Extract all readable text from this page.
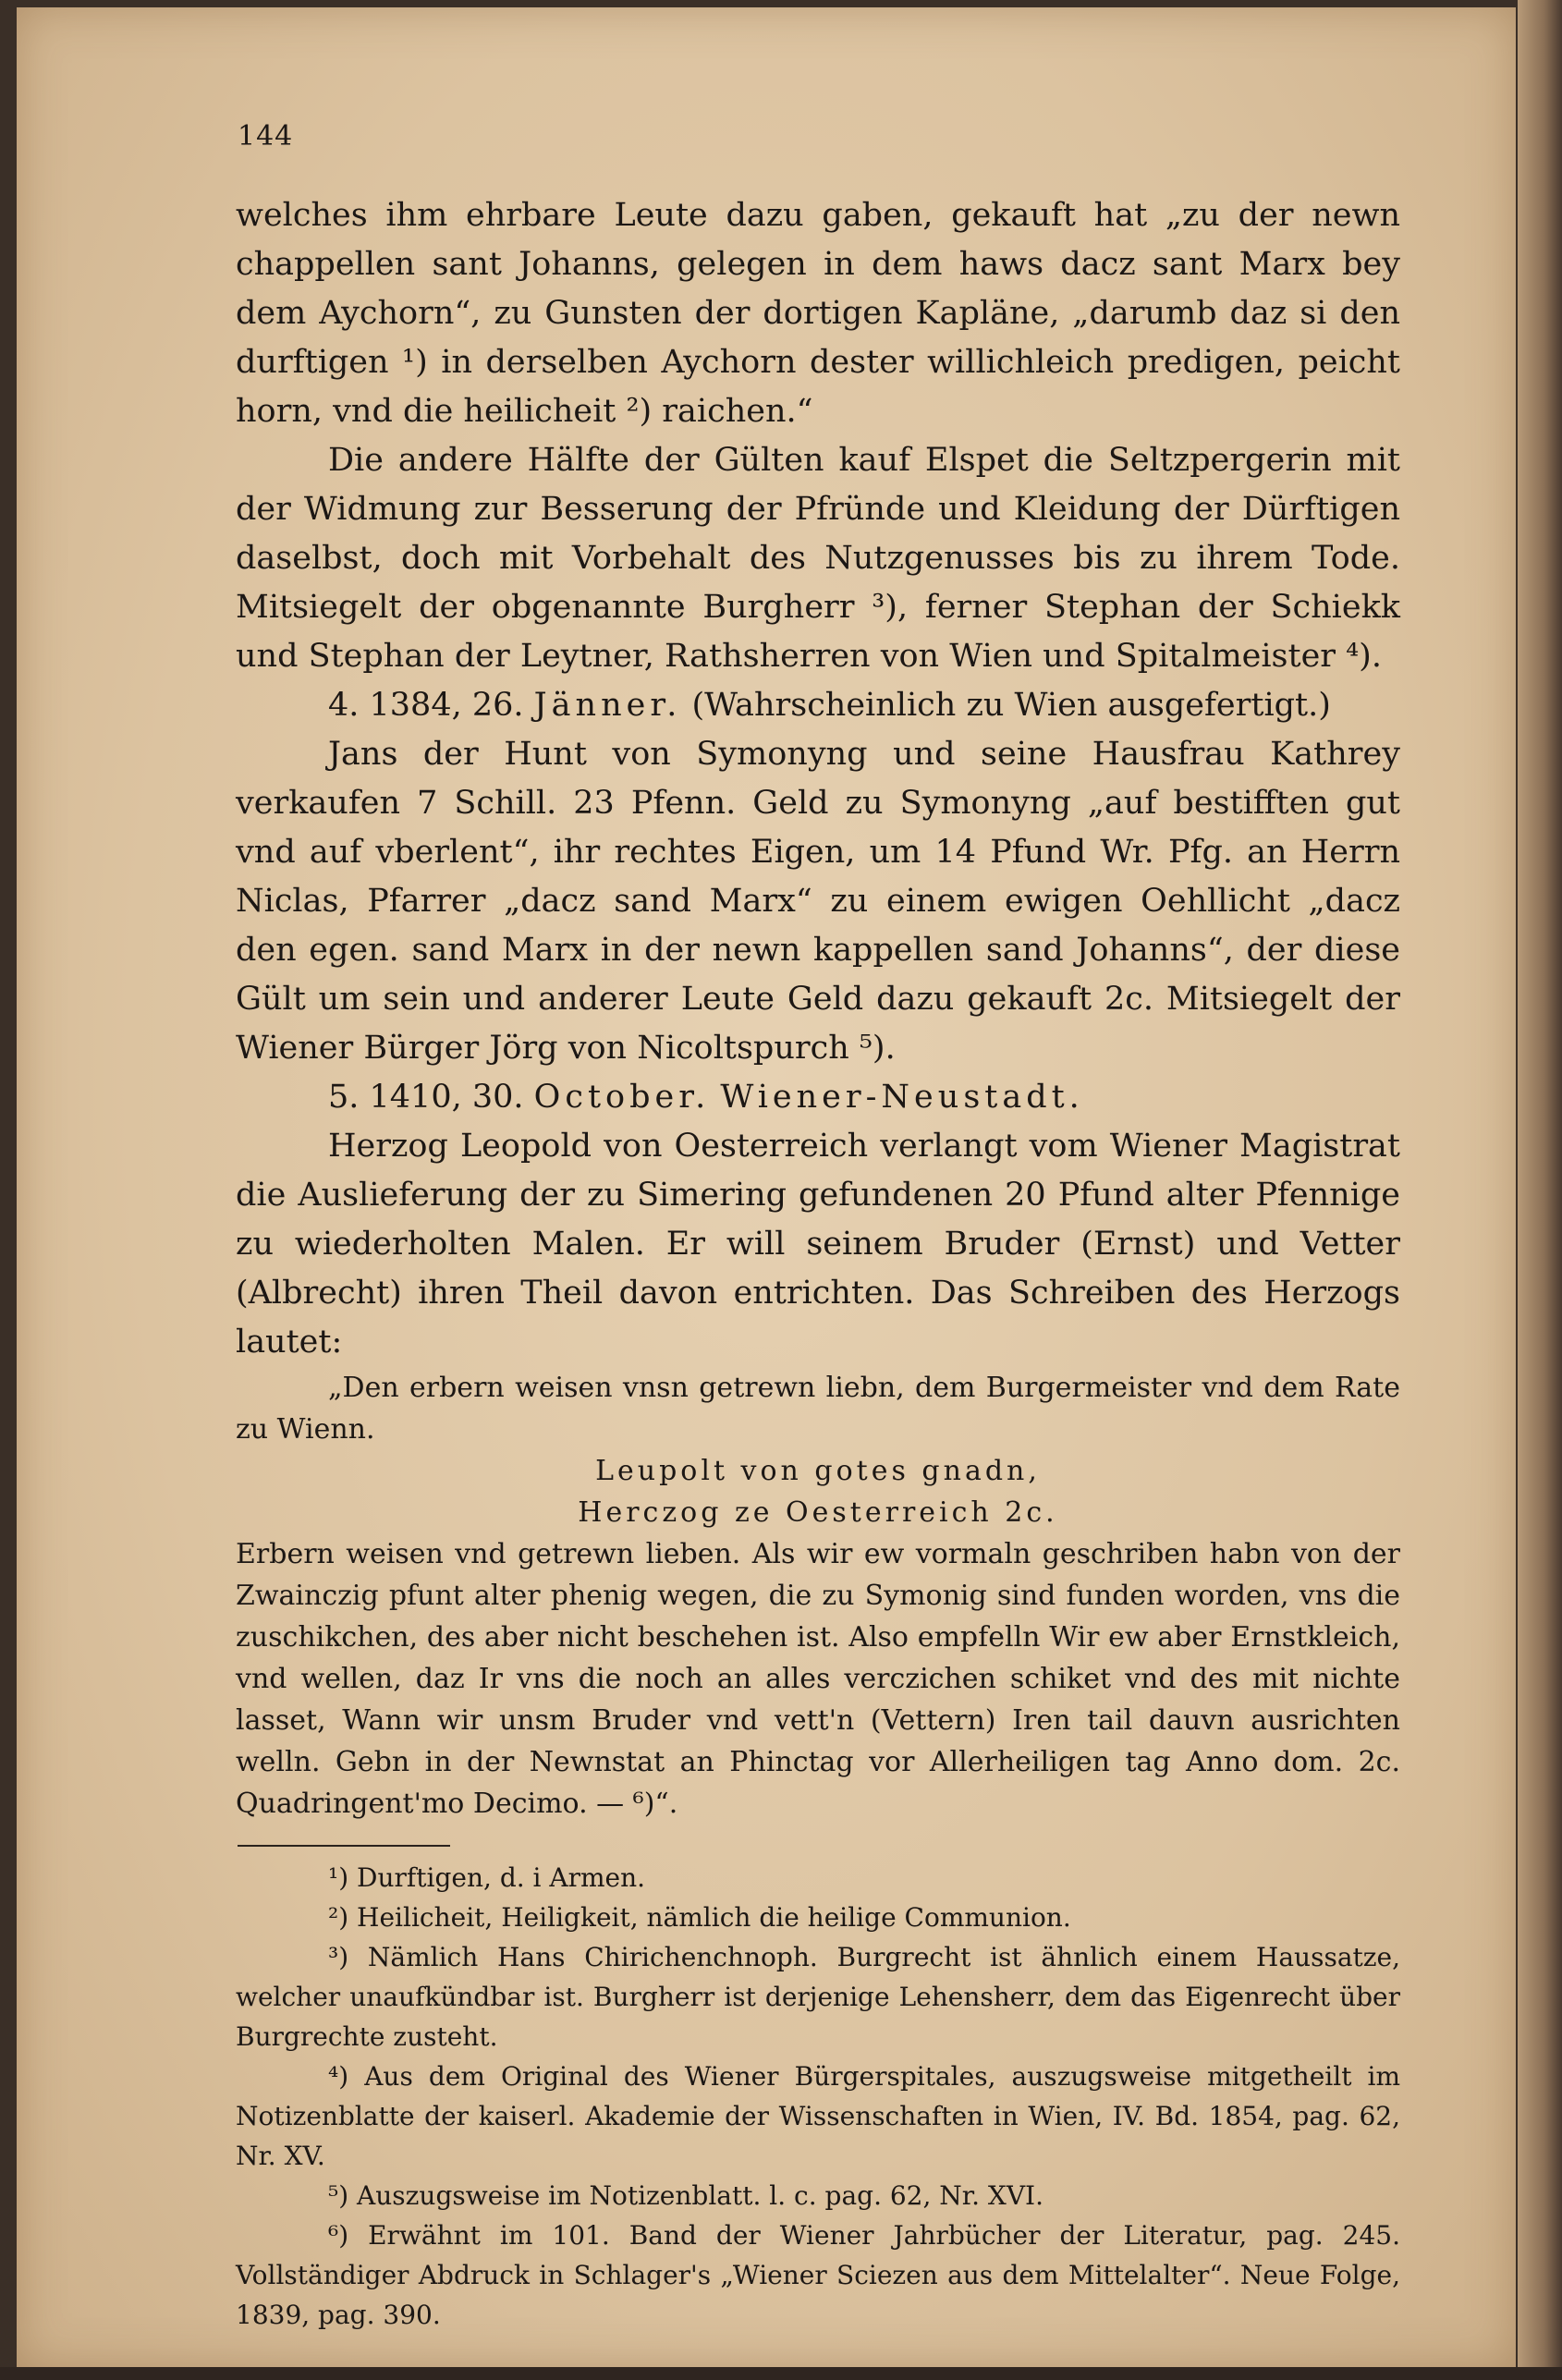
144

welches ihm ehrbare Leute dazu gaben, gekauft hat „zu der newn chappellen sant Johanns, gelegen in dem haws dacz sant Marx bey dem Aychorn“, zu Gunsten der dortigen Kapläne, „darumb daz si den durftigen ¹) in derselben Aychorn dester willichleich predigen, peicht horn, vnd die heilicheit ²) raichen.“

Die andere Hälfte der Gülten kauf Elspet die Seltzpergerin mit der Widmung zur Besserung der Pfründe und Kleidung der Dürftigen daselbst, doch mit Vorbehalt des Nutzgenusses bis zu ihrem Tode. Mitsiegelt der obgenannte Burgherr ³), ferner Stephan der Schiekk und Stephan der Leytner, Rathsherren von Wien und Spitalmeister ⁴).

4. 1384, 26. Jänner. (Wahrscheinlich zu Wien ausgefertigt.)

Jans der Hunt von Symonyng und seine Hausfrau Kathrey verkaufen 7 Schill. 23 Pfenn. Geld zu Symonyng „auf bestifften gut vnd auf vberlent“, ihr rechtes Eigen, um 14 Pfund Wr. Pfg. an Herrn Niclas, Pfarrer „dacz sand Marx“ zu einem ewigen Oehllicht „dacz den egen. sand Marx in der newn kappellen sand Johanns“, der diese Gült um sein und anderer Leute Geld dazu gekauft 2c. Mitsiegelt der Wiener Bürger Jörg von Nicoltspurch ⁵).

5. 1410, 30. October. Wiener-Neustadt.

Herzog Leopold von Oesterreich verlangt vom Wiener Magistrat die Auslieferung der zu Simering gefundenen 20 Pfund alter Pfennige zu wiederholten Malen. Er will seinem Bruder (Ernst) und Vetter (Albrecht) ihren Theil davon entrichten. Das Schreiben des Herzogs lautet:

„Den erbern weisen vnsn getrewn liebn, dem Burgermeister vnd dem Rate zu Wienn.

Leupolt von gotes gnadn,

Herczog ze Oesterreich 2c.

Erbern weisen vnd getrewn lieben. Als wir ew vormaln geschriben habn von der Zwainczig pfunt alter phenig wegen, die zu Symonig sind funden worden, vns die zuschikchen, des aber nicht beschehen ist. Also empfelln Wir ew aber Ernstkleich, vnd wellen, daz Ir vns die noch an alles verczichen schiket vnd des mit nichte lasset, Wann wir unsm Bruder vnd vett'n (Vettern) Iren tail dauvn ausrichten welln. Gebn in der Newnstat an Phinctag vor Allerheiligen tag Anno dom. 2c. Quadringent'mo Decimo. — ⁶)“.

¹) Durftigen, d. i Armen.

²) Heilicheit, Heiligkeit, nämlich die heilige Communion.

³) Nämlich Hans Chirichenchnoph. Burgrecht ist ähnlich einem Haussatze, welcher unaufkündbar ist. Burgherr ist derjenige Lehensherr, dem das Eigenrecht über Burgrechte zusteht.

⁴) Aus dem Original des Wiener Bürgerspitales, auszugsweise mitgetheilt im Notizenblatte der kaiserl. Akademie der Wissenschaften in Wien, IV. Bd. 1854, pag. 62, Nr. XV.

⁵) Auszugsweise im Notizenblatt. l. c. pag. 62, Nr. XVI.

⁶) Erwähnt im 101. Band der Wiener Jahrbücher der Literatur, pag. 245. Vollständiger Abdruck in Schlager's „Wiener Sciezen aus dem Mittelalter“. Neue Folge, 1839, pag. 390.
